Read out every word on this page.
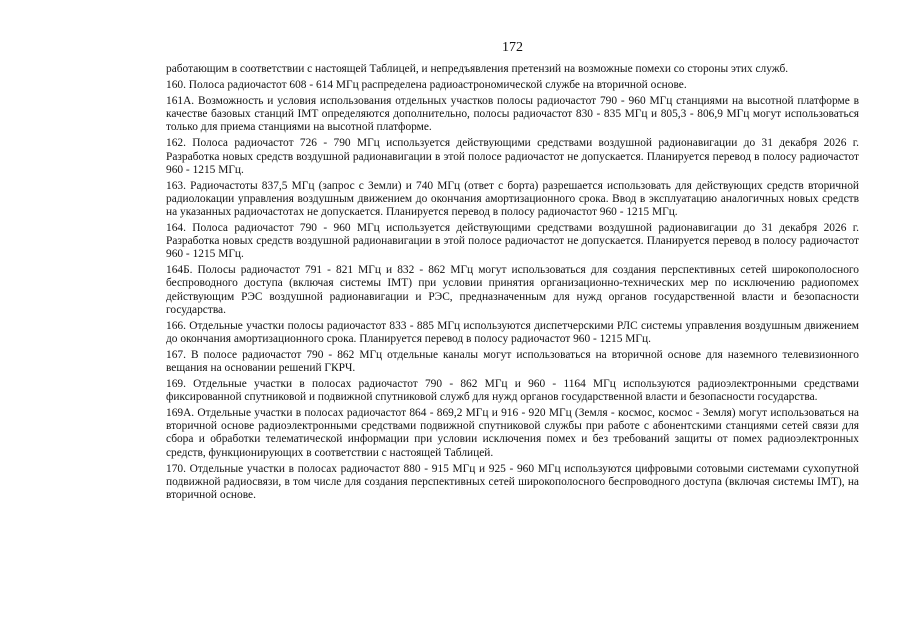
172

работающим в соответствии с настоящей Таблицей, и непредъявления претензий на возможные помехи со стороны этих служб.

160. Полоса радиочастот 608 - 614 МГц распределена радиоастрономической службе на вторичной основе.

161А. Возможность и условия использования отдельных участков полосы радиочастот 790 - 960 МГц станциями на высотной платформе в качестве базовых станций IMT определяются дополнительно, полосы радиочастот 830 - 835 МГц и 805,3 - 806,9 МГц могут использоваться только для приема станциями на высотной платформе.

162. Полоса радиочастот 726 - 790 МГц используется действующими средствами воздушной радионавигации до 31 декабря 2026 г. Разработка новых средств воздушной радионавигации в этой полосе радиочастот не допускается. Планируется перевод в полосу радиочастот 960 - 1215 МГц.

163. Радиочастоты 837,5 МГц (запрос с Земли) и 740 МГц (ответ с борта) разрешается использовать для действующих средств вторичной радиолокации управления воздушным движением до окончания амортизационного срока. Ввод в эксплуатацию аналогичных новых средств на указанных радиочастотах не допускается. Планируется перевод в полосу радиочастот 960 - 1215 МГц.

164. Полоса радиочастот 790 - 960 МГц используется действующими средствами воздушной радионавигации до 31 декабря 2026 г. Разработка новых средств воздушной радионавигации в этой полосе радиочастот не допускается. Планируется перевод в полосу радиочастот 960 - 1215 МГц.

164Б. Полосы радиочастот 791 - 821 МГц и 832 - 862 МГц могут использоваться для создания перспективных сетей широкополосного беспроводного доступа (включая системы IMT) при условии принятия организационно-технических мер по исключению радиопомех действующим РЭС воздушной радионавигации и РЭС, предназначенным для нужд органов государственной власти и безопасности государства.

166. Отдельные участки полосы радиочастот 833 - 885 МГц используются диспетчерскими РЛС системы управления воздушным движением до окончания амортизационного срока. Планируется перевод в полосу радиочастот 960 - 1215 МГц.

167. В полосе радиочастот 790 - 862 МГц отдельные каналы могут использоваться на вторичной основе для наземного телевизионного вещания на основании решений ГКРЧ.

169. Отдельные участки в полосах радиочастот 790 - 862 МГц и 960 - 1164 МГц используются радиоэлектронными средствами фиксированной спутниковой и подвижной спутниковой служб для нужд органов государственной власти и безопасности государства.

169А. Отдельные участки в полосах радиочастот 864 - 869,2 МГц и 916 - 920 МГц (Земля - космос, космос - Земля) могут использоваться на вторичной основе радиоэлектронными средствами подвижной спутниковой службы при работе с абонентскими станциями сетей связи для сбора и обработки телематической информации при условии исключения помех и без требований защиты от помех радиоэлектронных средств, функционирующих в соответствии с настоящей Таблицей.

170. Отдельные участки в полосах радиочастот 880 - 915 МГц и 925 - 960 МГц используются цифровыми сотовыми системами сухопутной подвижной радиосвязи, в том числе для создания перспективных сетей широкополосного беспроводного доступа (включая системы IMT), на вторичной основе.
